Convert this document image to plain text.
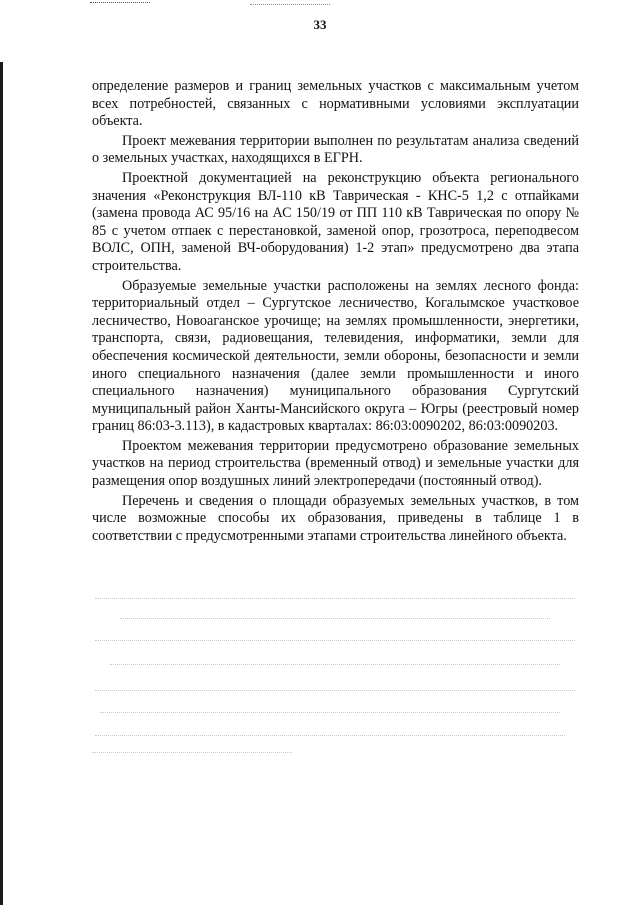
33

определение размеров и границ земельных участков с максимальным учетом всех потребностей, связанных с нормативными условиями эксплуатации объекта.

Проект межевания территории выполнен по результатам анализа сведений о земельных участках, находящихся в ЕГРН.

Проектной документацией на реконструкцию объекта регионального значения «Реконструкция ВЛ-110 кВ Таврическая - КНС-5 1,2 с отпайками (замена провода АС 95/16 на АС 150/19 от ПП 110 кВ Таврическая по опору № 85 с учетом отпаек с перестановкой, заменой опор, грозотроса, переподвесом ВОЛС, ОПН, заменой ВЧ-оборудования) 1-2 этап» предусмотрено два этапа строительства.

Образуемые земельные участки расположены на землях лесного фонда: территориальный отдел – Сургутское лесничество, Когалымское участковое лесничество, Новоаганское урочище; на землях промышленности, энергетики, транспорта, связи, радиовещания, телевидения, информатики, земли для обеспечения космической деятельности, земли обороны, безопасности и земли иного специального назначения (далее земли промышленности и иного специального назначения) муниципального образования Сургутский муниципальный район Ханты-Мансийского округа – Югры (реестровый номер границ 86:03-3.113), в кадастровых кварталах: 86:03:0090202, 86:03:0090203.

Проектом межевания территории предусмотрено образование земельных участков на период строительства (временный отвод) и земельные участки для размещения опор воздушных линий электропередачи (постоянный отвод).

Перечень и сведения о площади образуемых земельных участков, в том числе возможные способы их образования, приведены в таблице 1 в соответствии с предусмотренными этапами строительства линейного объекта.
